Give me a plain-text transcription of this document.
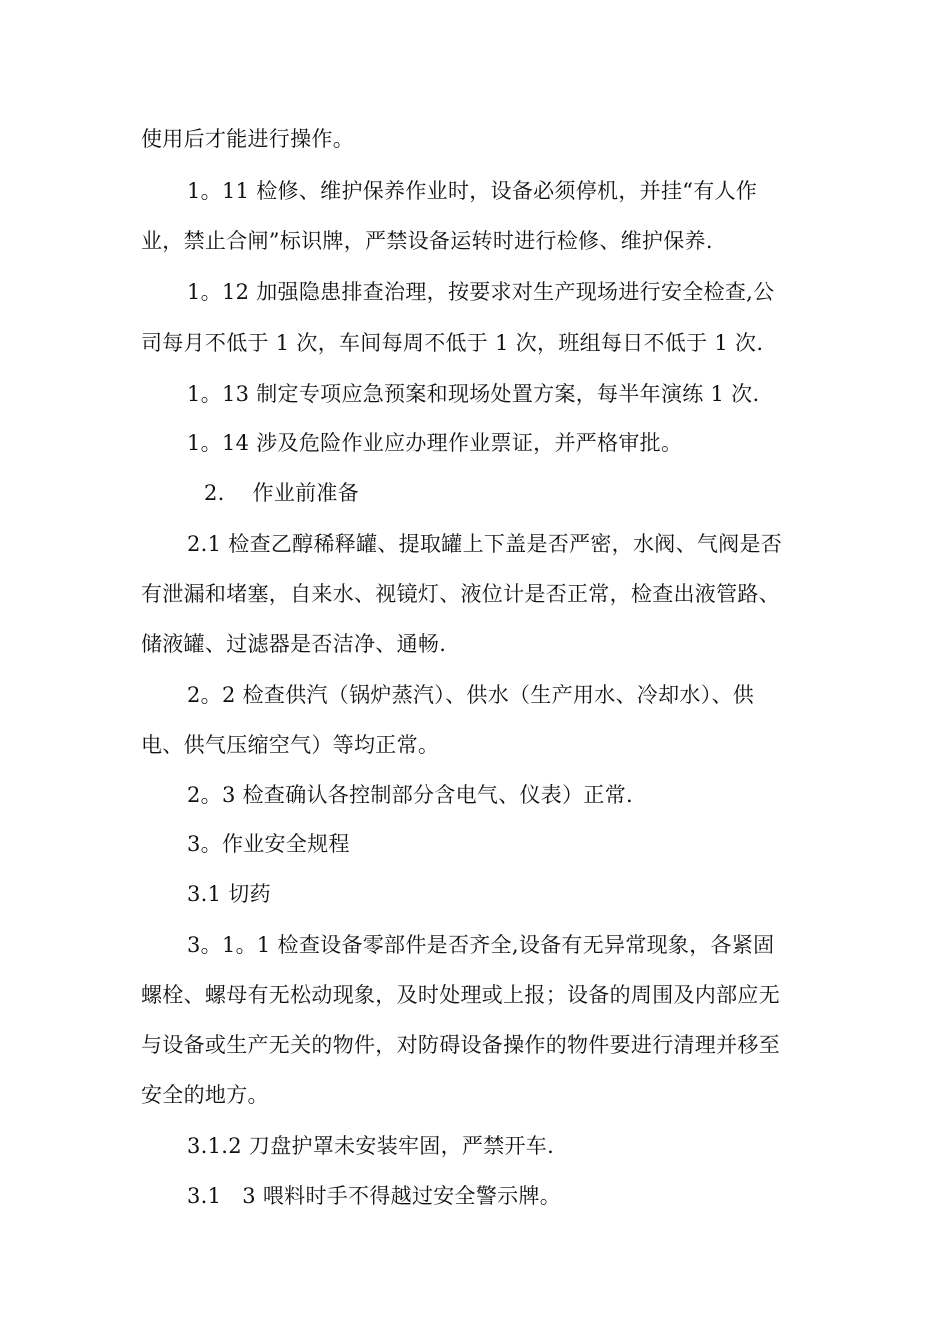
使用后才能进行操作。
1。11 检修、维护保养作业时，设备必须停机，并挂“有人作
业，禁止合闸”标识牌，严禁设备运转时进行检修、维护保养.
1。12 加强隐患排查治理，按要求对生产现场进行安全检查,公
司每月不低于 1 次，车间每周不低于 1 次，班组每日不低于 1 次.
1。13 制定专项应急预案和现场处置方案，每半年演练 1 次.
1。14 涉及危险作业应办理作业票证，并严格审批。
2.    作业前准备
2.1 检查乙醇稀释罐、提取罐上下盖是否严密，水阀、气阀是否
有泄漏和堵塞，自来水、视镜灯、液位计是否正常，检查出液管路、
储液罐、过滤器是否洁净、通畅.
2。2 检查供汽（锅炉蒸汽）、供水（生产用水、冷却水）、供
电、供气压缩空气）等均正常。
2。3 检查确认各控制部分含电气、仪表）正常.
3。作业安全规程
3.1 切药
3。1。1 检查设备零部件是否齐全,设备有无异常现象，各紧固
螺栓、螺母有无松动现象，及时处理或上报；设备的周围及内部应无
与设备或生产无关的物件，对防碍设备操作的物件要进行清理并移至
安全的地方。
3.1.2 刀盘护罩未安装牢固，严禁开车.
3.1   3 喂料时手不得越过安全警示牌。
